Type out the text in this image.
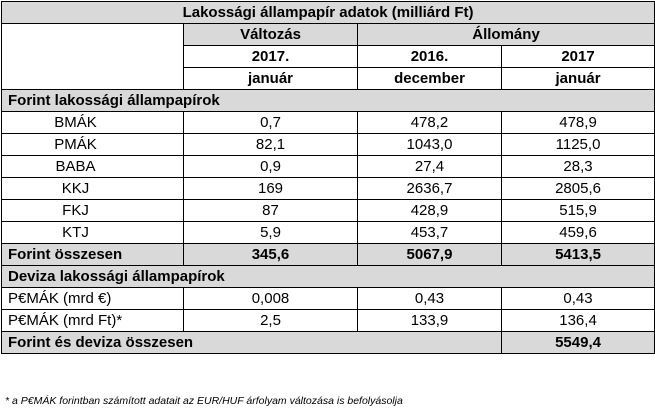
Lakossági állampapír adatok (milliárd Ft)			
	Változás	Állomány	
	2017.	2016.	2017
	január	december	január
Forint lakossági állampapírok			
BMÁK	0,7	478,2	478,9
PMÁK	82,1	1043,0	1125,0
BABA	0,9	27,4	28,3
KKJ	169	2636,7	2805,6
FKJ	87	428,9	515,9
KTJ	5,9	453,7	459,6
Forint összesen	345,6	5067,9	5413,5
Deviza lakossági állampapírok			
P€MÁK (mrd €)	0,008	0,43	0,43
P€MÁK (mrd Ft)*	2,5	133,9	136,4
Forint és deviza összesen			5549,4
* a P€MÁK forintban számított adatait az EUR/HUF árfolyam változása is befolyásolja
